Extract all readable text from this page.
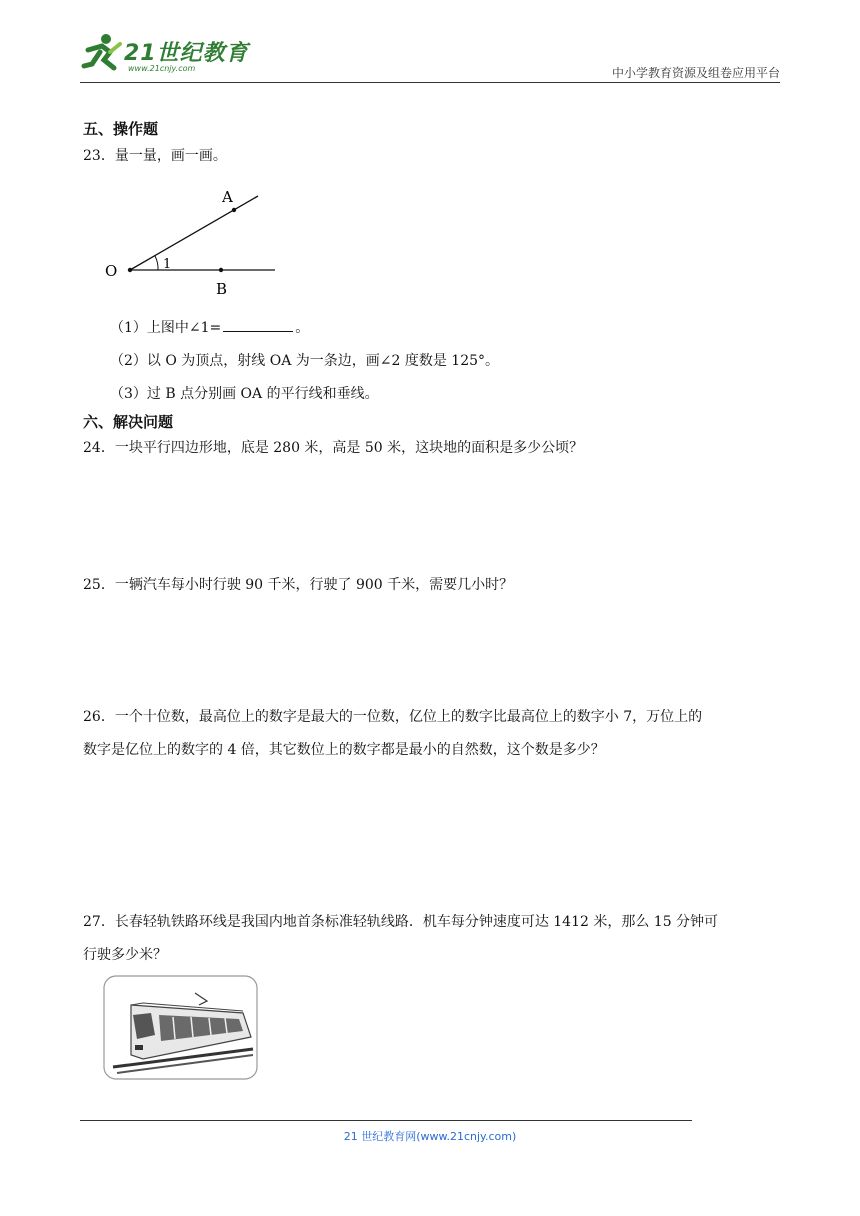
21世纪教育
www.21cnjy.com	中小学教育资源及组卷应用平台
五、操作题
23．量一量，画一画。
O
A
B
1
（1）上图中∠1=	。
（2）以 O 为顶点，射线 OA 为一条边，画∠2 度数是 125°。
（3）过 B 点分别画 OA 的平行线和垂线。
六、解决问题
24．一块平行四边形地，底是 280 米，高是 50 米，这块地的面积是多少公顷？
25．一辆汽车每小时行驶 90 千米，行驶了 900 千米，需要几小时？
26．一个十位数，最高位上的数字是最大的一位数，亿位上的数字比最高位上的数字小 7，万位上的
数字是亿位上的数字的 4 倍，其它数位上的数字都是最小的自然数，这个数是多少？
27．长春轻轨铁路环线是我国内地首条标准轻轨线路．机车每分钟速度可达 1412 米，那么 15 分钟可
行驶多少米？
21 世纪教育网(www.21cnjy.com)
